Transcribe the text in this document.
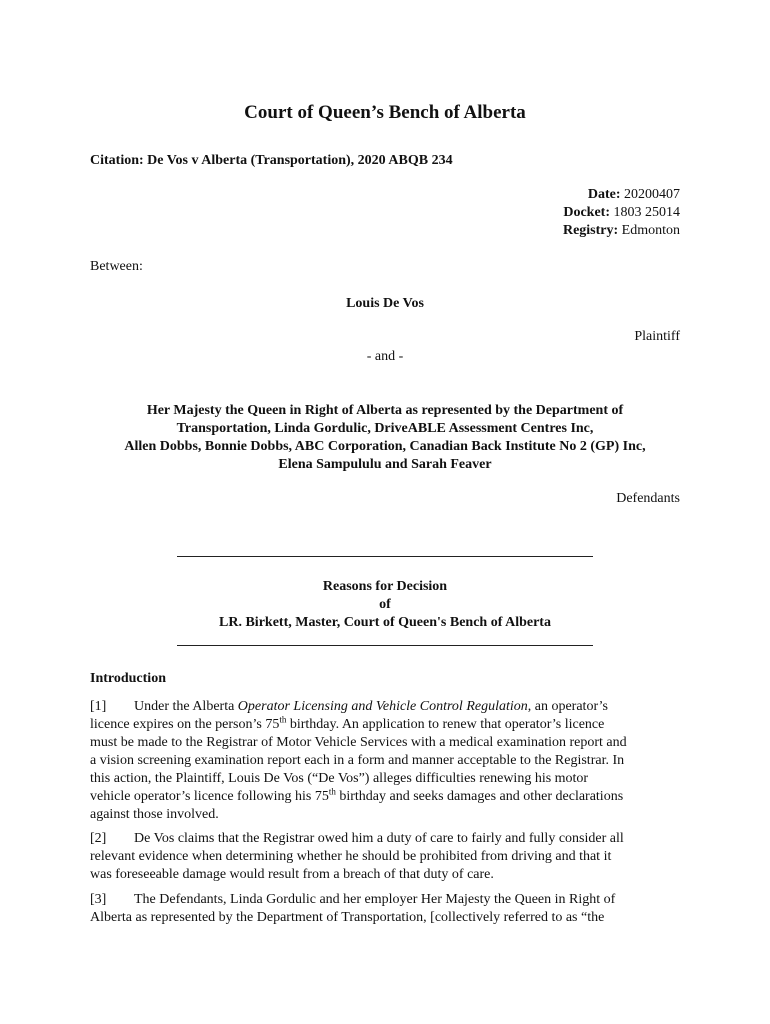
Court of Queen’s Bench of Alberta
Citation: De Vos v Alberta (Transportation), 2020 ABQB 234
Date: 20200407
Docket: 1803 25014
Registry: Edmonton
Between:
Louis De Vos
Plaintiff
- and -
Her Majesty the Queen in Right of Alberta as represented by the Department of
Transportation, Linda Gordulic, DriveABLE Assessment Centres Inc,
Allen Dobbs, Bonnie Dobbs, ABC Corporation, Canadian Back Institute No 2 (GP) Inc,
Elena Sampululu and Sarah Feaver
Defendants
Reasons for Decision
of
LR. Birkett, Master, Court of Queen's Bench of Alberta
Introduction
[1] Under the Alberta Operator Licensing and Vehicle Control Regulation, an operator’s
licence expires on the person’s 75th birthday. An application to renew that operator’s licence
must be made to the Registrar of Motor Vehicle Services with a medical examination report and
a vision screening examination report each in a form and manner acceptable to the Registrar. In
this action, the Plaintiff, Louis De Vos (“De Vos”) alleges difficulties renewing his motor
vehicle operator’s licence following his 75th birthday and seeks damages and other declarations
against those involved.
[2] De Vos claims that the Registrar owed him a duty of care to fairly and fully consider all
relevant evidence when determining whether he should be prohibited from driving and that it
was foreseeable damage would result from a breach of that duty of care.
[3] The Defendants, Linda Gordulic and her employer Her Majesty the Queen in Right of
Alberta as represented by the Department of Transportation, [collectively referred to as “the
